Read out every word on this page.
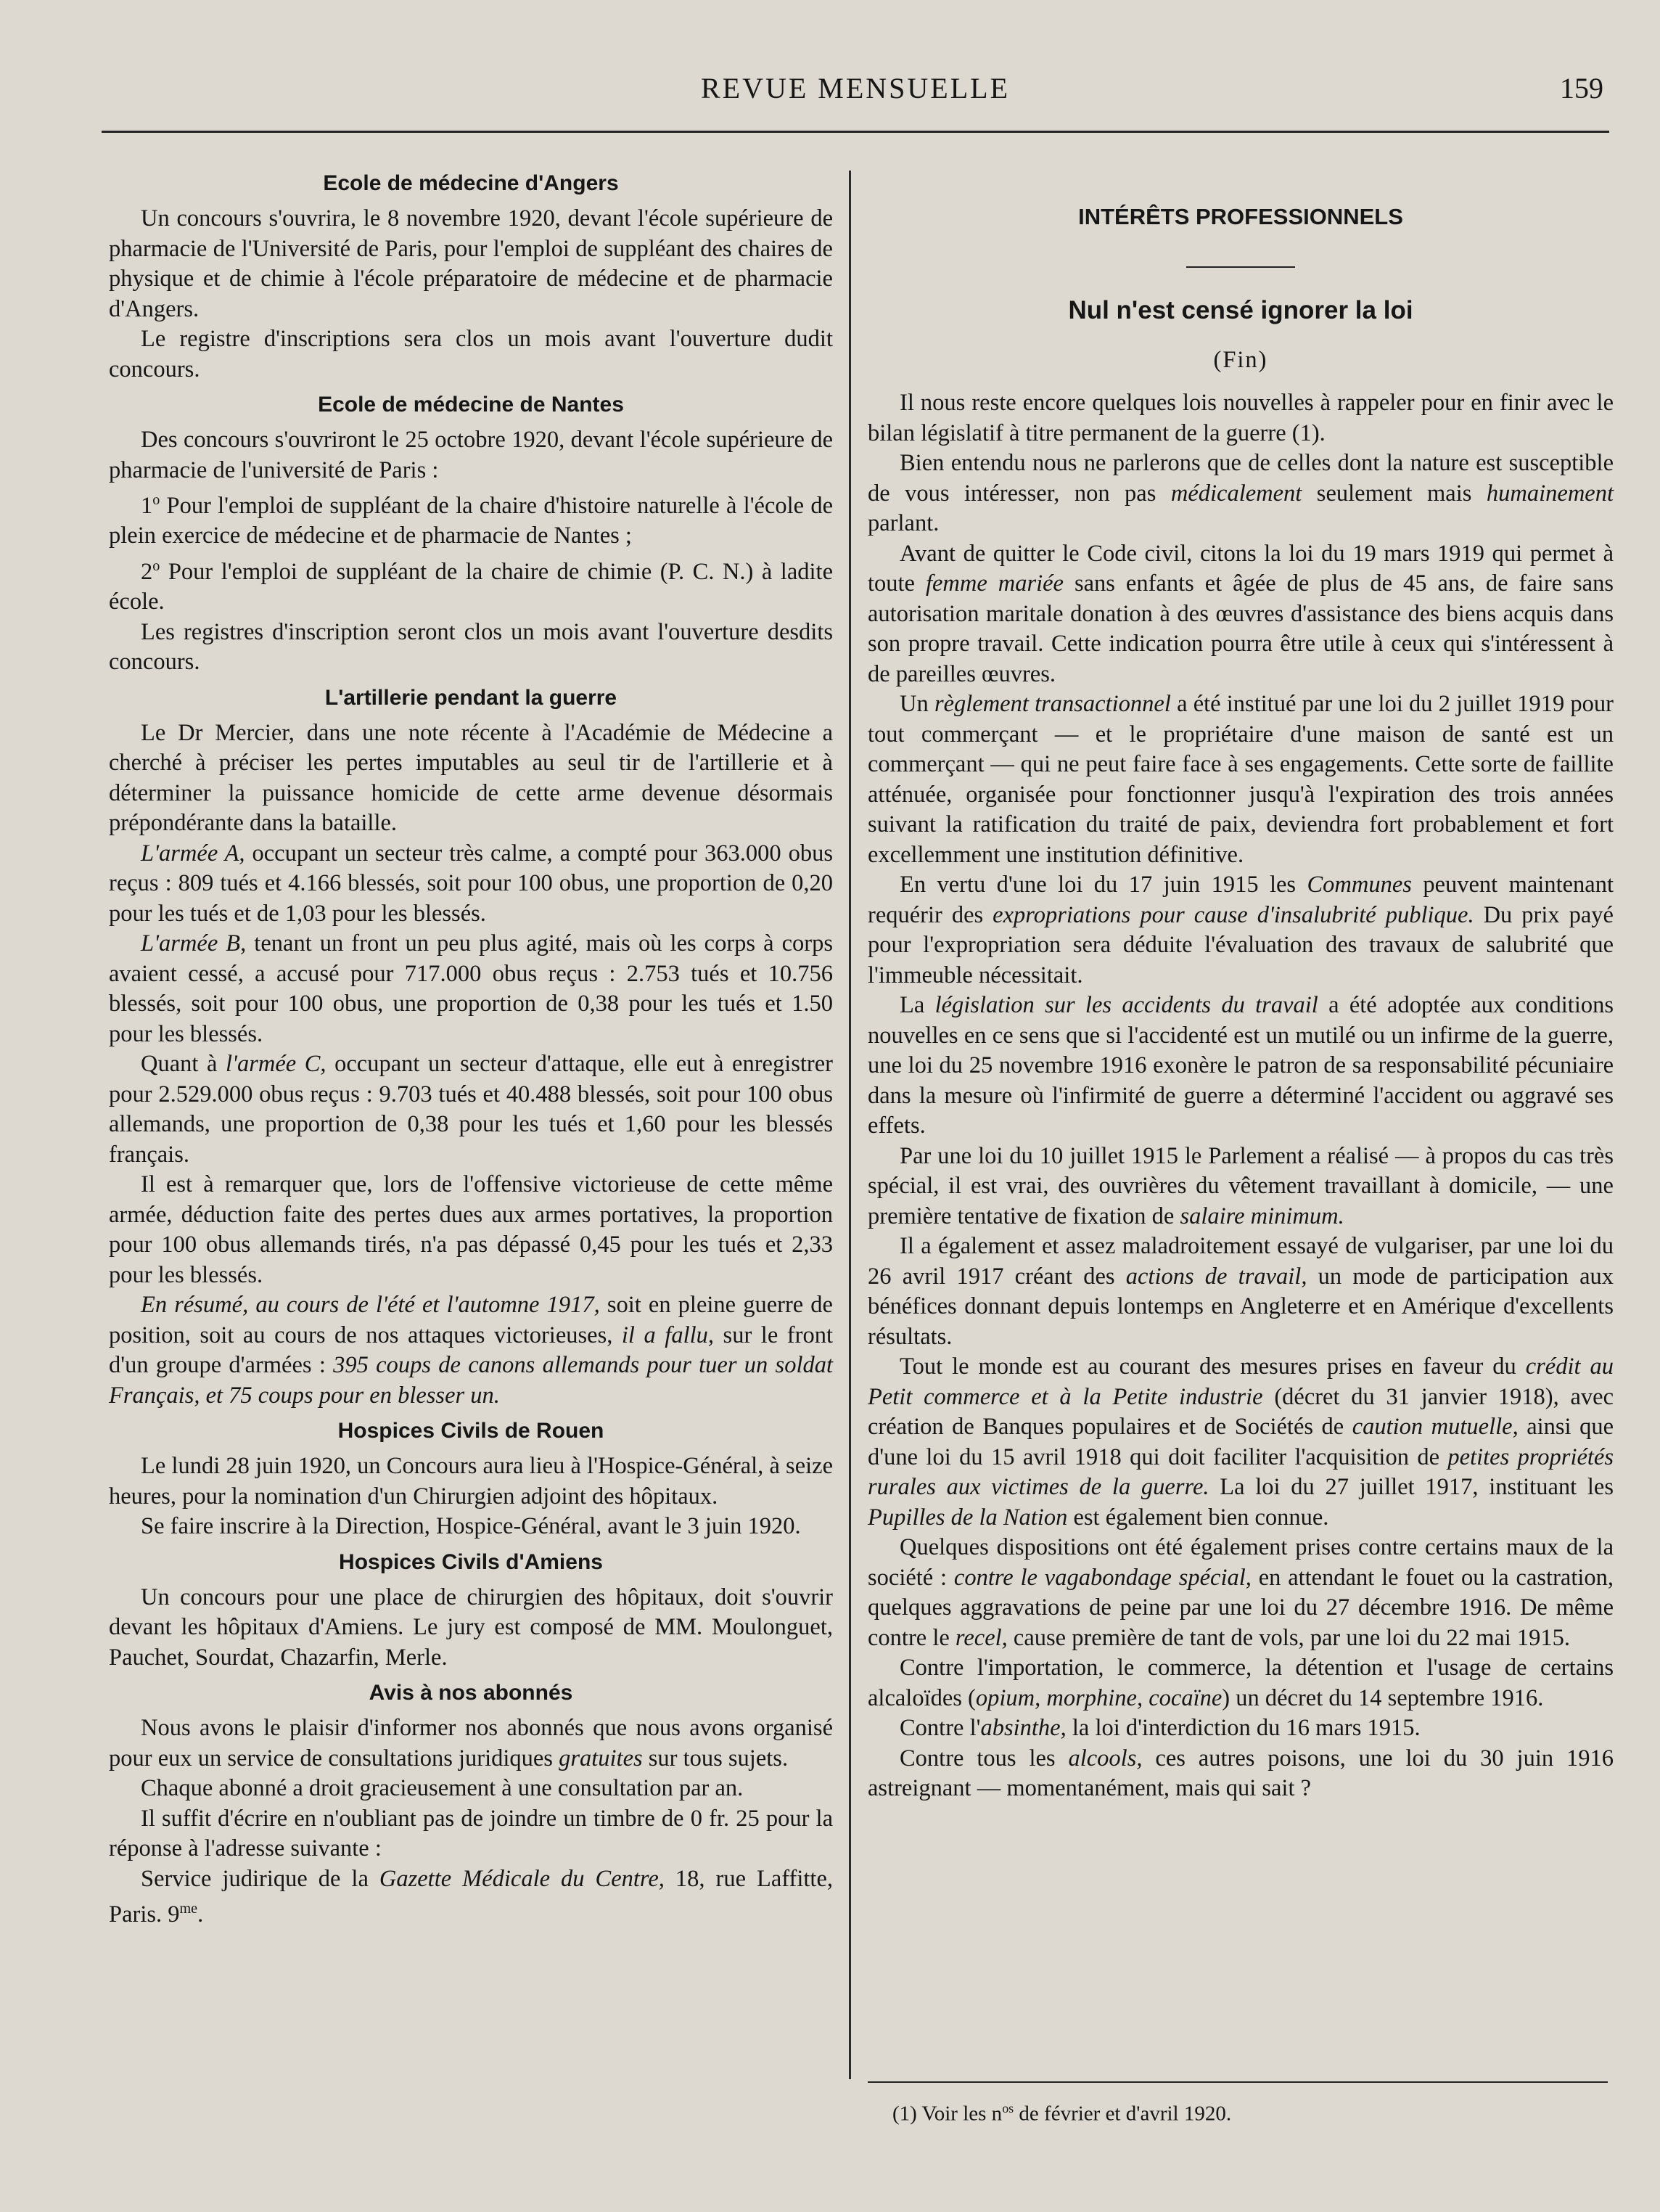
REVUE MENSUELLE	159
Ecole de médecine d'Angers

Un concours s'ouvrira, le 8 novembre 1920, devant l'école supérieure de pharmacie de l'Université de Paris, pour l'emploi de suppléant des chaires de physique et de chimie à l'école préparatoire de médecine et de pharmacie d'Angers.

Le registre d'inscriptions sera clos un mois avant l'ouverture dudit concours.

Ecole de médecine de Nantes

Des concours s'ouvriront le 25 octobre 1920, devant l'école supérieure de pharmacie de l'université de Paris :

1$^o$ Pour l'emploi de suppléant de la chaire d'histoire naturelle à l'école de plein exercice de médecine et de pharmacie de Nantes ;

2$^o$ Pour l'emploi de suppléant de la chaire de chimie (P. C. N.) à ladite école.

Les registres d'inscription seront clos un mois avant l'ouverture desdits concours.

L'artillerie pendant la guerre

Le Dr Mercier, dans une note récente à l'Académie de Médecine a cherché à préciser les pertes imputables au seul tir de l'artillerie et à déterminer la puissance homicide de cette arme devenue désormais prépondérante dans la bataille.

L'armée A, occupant un secteur très calme, a compté pour 363.000 obus reçus : 809 tués et 4.166 blessés, soit pour 100 obus, une proportion de 0,20 pour les tués et de 1,03 pour les blessés.

L'armée B, tenant un front un peu plus agité, mais où les corps à corps avaient cessé, a accusé pour 717.000 obus reçus : 2.753 tués et 10.756 blessés, soit pour 100 obus, une proportion de 0,38 pour les tués et 1.50 pour les blessés.

Quant à l'armée C, occupant un secteur d'attaque, elle eut à enregistrer pour 2.529.000 obus reçus : 9.703 tués et 40.488 blessés, soit pour 100 obus allemands, une proportion de 0,38 pour les tués et 1,60 pour les blessés français.

Il est à remarquer que, lors de l'offensive victorieuse de cette même armée, déduction faite des pertes dues aux armes portatives, la proportion pour 100 obus allemands tirés, n'a pas dépassé 0,45 pour les tués et 2,33 pour les blessés.

En résumé, au cours de l'été et l'automne 1917, soit en pleine guerre de position, soit au cours de nos attaques victorieuses, il a fallu, sur le front d'un groupe d'armées : 395 coups de canons allemands pour tuer un soldat Français, et 75 coups pour en blesser un.

Hospices Civils de Rouen

Le lundi 28 juin 1920, un Concours aura lieu à l'Hospice-Général, à seize heures, pour la nomination d'un Chirurgien adjoint des hôpitaux.

Se faire inscrire à la Direction, Hospice-Général, avant le 3 juin 1920.

Hospices Civils d'Amiens

Un concours pour une place de chirurgien des hôpitaux, doit s'ouvrir devant les hôpitaux d'Amiens. Le jury est composé de MM. Moulonguet, Pauchet, Sourdat, Chazarfin, Merle.

Avis à nos abonnés

Nous avons le plaisir d'informer nos abonnés que nous avons organisé pour eux un service de consultations juridiques gratuites sur tous sujets.

Chaque abonné a droit gracieusement à une consultation par an.

Il suffit d'écrire en n'oubliant pas de joindre un timbre de 0 fr. 25 pour la réponse à l'adresse suivante :

Service judirique de la Gazette Médicale du Centre, 18, rue Laffitte, Paris. $9^{me}$.

INTÉRÊTS PROFESSIONNELS
Nul n'est censé ignorer la loi

(Fin)

Il nous reste encore quelques lois nouvelles à rappeler pour en finir avec le bilan législatif à titre permanent de la guerre (1).

Bien entendu nous ne parlerons que de celles dont la nature est susceptible de vous intéresser, non pas médicalement seulement mais humainement parlant.

Avant de quitter le Code civil, citons la loi du 19 mars 1919 qui permet à toute femme mariée sans enfants et âgée de plus de 45 ans, de faire sans autorisation maritale donation à des œuvres d'assistance des biens acquis dans son propre travail. Cette indication pourra être utile à ceux qui s'intéressent à de pareilles œuvres.

Un règlement transactionnel a été institué par une loi du 2 juillet 1919 pour tout commerçant — et le propriétaire d'une maison de santé est un commerçant — qui ne peut faire face à ses engagements. Cette sorte de faillite atténuée, organisée pour fonctionner jusqu'à l'expiration des trois années suivant la ratification du traité de paix, deviendra fort probablement et fort excellemment une institution définitive.

En vertu d'une loi du 17 juin 1915 les Communes peuvent maintenant requérir des expropriations pour cause d'insalubrité publique. Du prix payé pour l'expropriation sera déduite l'évaluation des travaux de salubrité que l'immeuble nécessitait.

La législation sur les accidents du travail a été adoptée aux conditions nouvelles en ce sens que si l'accidenté est un mutilé ou un infirme de la guerre, une loi du 25 novembre 1916 exonère le patron de sa responsabilité pécuniaire dans la mesure où l'infirmité de guerre a déterminé l'accident ou aggravé ses effets.

Par une loi du 10 juillet 1915 le Parlement a réalisé — à propos du cas très spécial, il est vrai, des ouvrières du vêtement travaillant à domicile, — une première tentative de fixation de salaire minimum.

Il a également et assez maladroitement essayé de vulgariser, par une loi du 26 avril 1917 créant des actions de travail, un mode de participation aux bénéfices donnant depuis lontemps en Angleterre et en Amérique d'excellents résultats.

Tout le monde est au courant des mesures prises en faveur du crédit au Petit commerce et à la Petite industrie (décret du 31 janvier 1918), avec création de Banques populaires et de Sociétés de caution mutuelle, ainsi que d'une loi du 15 avril 1918 qui doit faciliter l'acquisition de petites propriétés rurales aux victimes de la guerre. La loi du 27 juillet 1917, instituant les Pupilles de la Nation est également bien connue.

Quelques dispositions ont été également prises contre certains maux de la société : contre le vagabondage spécial, en attendant le fouet ou la castration, quelques aggravations de peine par une loi du 27 décembre 1916. De même contre le recel, cause première de tant de vols, par une loi du 22 mai 1915.

Contre l'importation, le commerce, la détention et l'usage de certains alcaloïdes (opium, morphine, cocaïne) un décret du 14 septembre 1916.

Contre l'absinthe, la loi d'interdiction du 16 mars 1915.

Contre tous les alcools, ces autres poisons, une loi du 30 juin 1916 astreignant — momentanément, mais qui sait ?

(1) Voir les $n^{os}$ de février et d'avril 1920.
